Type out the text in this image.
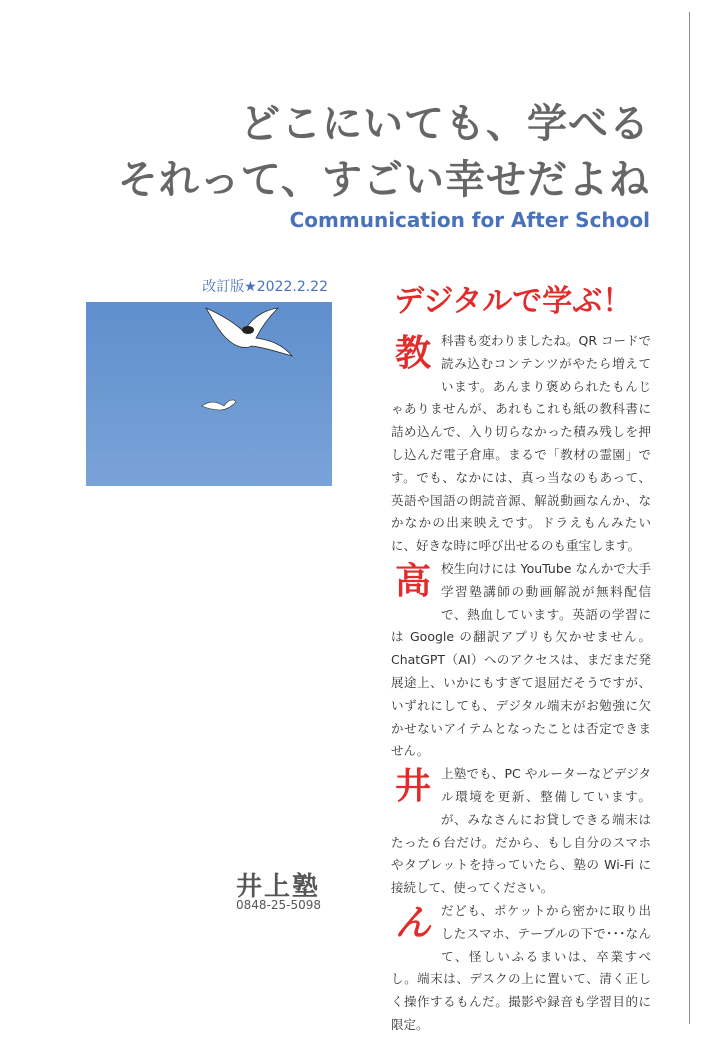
どこにいても、学べる
それって、すごい幸せだよね
Communication for After School
改訂版★2022.2.22 デジタルで学ぶ！

教 科書も変わりましたね。QR コードで読み込むコンテンツがやたら増えています。あんまり褒められたもんじゃありませんが、あれもこれも紙の教科書に詰め込んで、入り切らなかった積み残しを押し込んだ電子倉庫。まるで「教材の霊園」です。でも、なかには、真っ当なのもあって、英語や国語の朗読音源、解説動画なんか、なかなかの出来映えです。ドラえもんみたいに、好きな時に呼び出せるのも重宝します。

高 校生向けには YouTube なんかで大手学習塾講師の動画解説が無料配信で、熱血しています。英語の学習には Google の翻訳アプリも欠かせません。ChatGPT（AI）へのアクセスは、まだまだ発展途上、いかにもすぎて退屈だそうですが、いずれにしても、デジタル端末がお勉強に欠かせないアイテムとなったことは否定できません。

井 上塾でも、PC やルーターなどデジタル環境を更新、整備しています。が、みなさんにお貸しできる端末はたった６台だけ。だから、もし自分のスマホやタブレットを持っていたら、塾の Wi-Fi に接続して、使ってください。

ん だども、ポケットから密かに取り出したスマホ、テーブルの下で･･･なんて、怪しいふるまいは、卒業すべし。端末は、デスクの上に置いて、清く正しく操作するもんだ。撮影や録音も学習目的に限定。

井上塾
0848-25-5098
